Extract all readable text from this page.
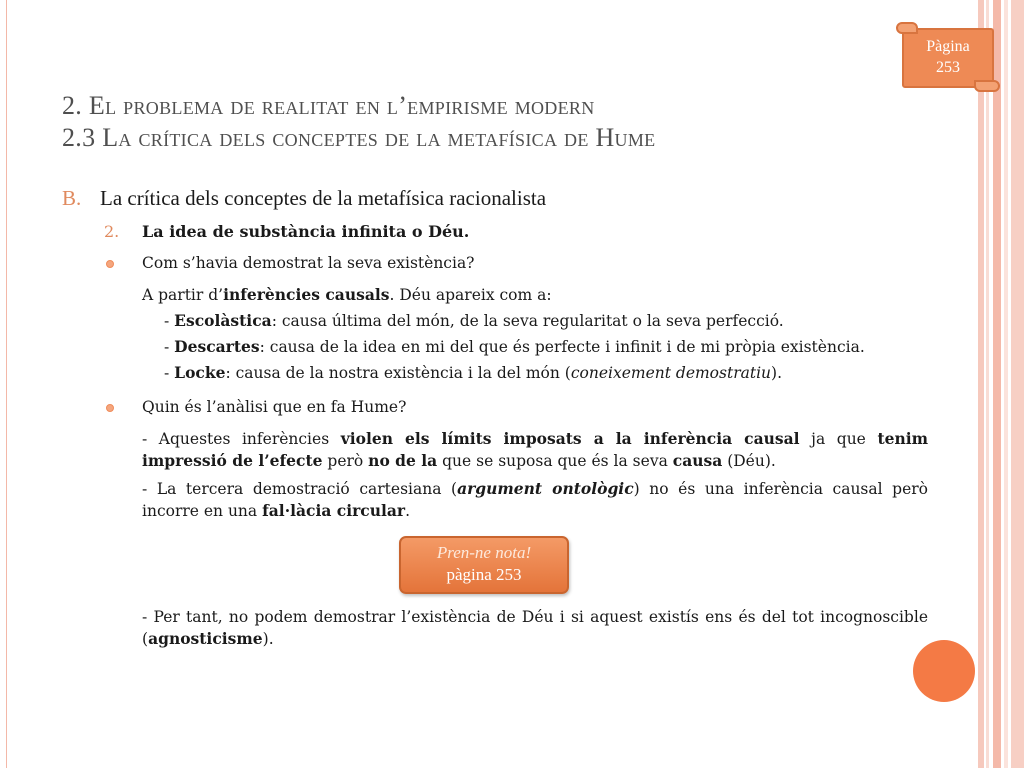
Pàgina
253
2. El problema de realitat en l’empirisme modern
2.3 La crítica dels conceptes de la metafísica de Hume
B. La crítica dels conceptes de la metafísica racionalista
2. La idea de substància infinita o Déu.
Com s’havia demostrat la seva existència?
A partir d’inferències causals. Déu apareix com a:
- Escolàstica: causa última del món, de la seva regularitat o la seva perfecció.
- Descartes: causa de la idea en mi del que és perfecte i infinit i de mi pròpia existència.
- Locke: causa de la nostra existència i la del món (coneixement demostratiu).
Quin és l’anàlisi que en fa Hume?
- Aquestes inferències violen els límits imposats a la inferència causal ja que tenim impressió de l’efecte però no de la que se suposa que és la seva causa (Déu).
- La tercera demostració cartesiana (argument ontològic) no és una inferència causal però incorre en una fal·làcia circular.
- Per tant, no podem demostrar l’existència de Déu i si aquest existís ens és del tot incognoscible (agnosticisme).
Pren-ne nota!
pàgina 253
